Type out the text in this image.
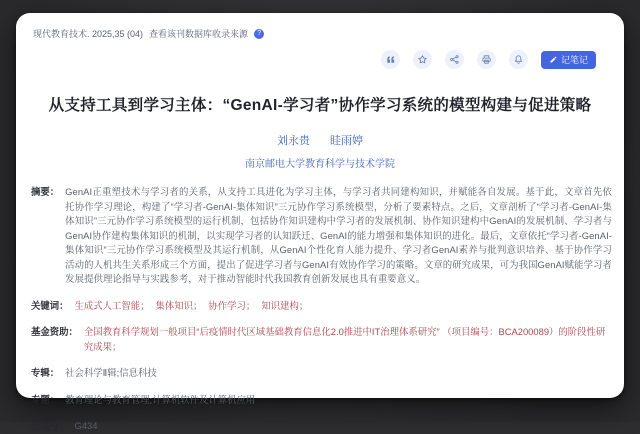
现代教育技术. 2025,35 (04) 查看该刊数据库收录来源	?
记笔记
从支持工具到学习主体：“GenAI-学习者”协作学习系统的模型构建与促进策略
刘永贵 眭雨婷
南京邮电大学教育科学与技术学院
摘要： GenAI正重塑技术与学习者的关系，从支持工具进化为学习主体，与学习者共同建构知识，并赋能各自发展。基于此，文章首先依托协作学习理论，构建了“学习者-GenAI-集体知识”三元协作学习系统模型，分析了要素特点。之后，文章剖析了“学习者-GenAI-集体知识”三元协作学习系统模型的运行机制，包括协作知识建构中学习者的发展机制、协作知识建构中GenAI的发展机制、学习者与GenAI协作建构集体知识的机制，以实现学习者的认知跃迁、GenAI的能力增强和集体知识的进化。最后，文章依托“学习者-GenAI-集体知识”三元协作学习系统模型及其运行机制，从GenAI个性化育人能力提升、学习者GenAI素养与批判意识培养、基于协作学习活动的人机共生关系形成三个方面，提出了促进学习者与GenAI有效协作学习的策略。文章的研究成果，可为我国GenAI赋能学习者发展提供理论指导与实践参考，对于推动智能时代我国教育创新发展也具有重要意义。
关键词： 生成式人工智能； 集体知识； 协作学习； 知识建构；
基金资助： 全国教育科学规划一般项目“后疫情时代区域基础教育信息化2.0推进中IT治理体系研究” （项目编号：BCA200089）的阶段性研究成果；
专辑： 社会科学Ⅱ辑;信息科技
专题： 教育理论与教育管理;计算机软件及计算机应用
分类号： G434
